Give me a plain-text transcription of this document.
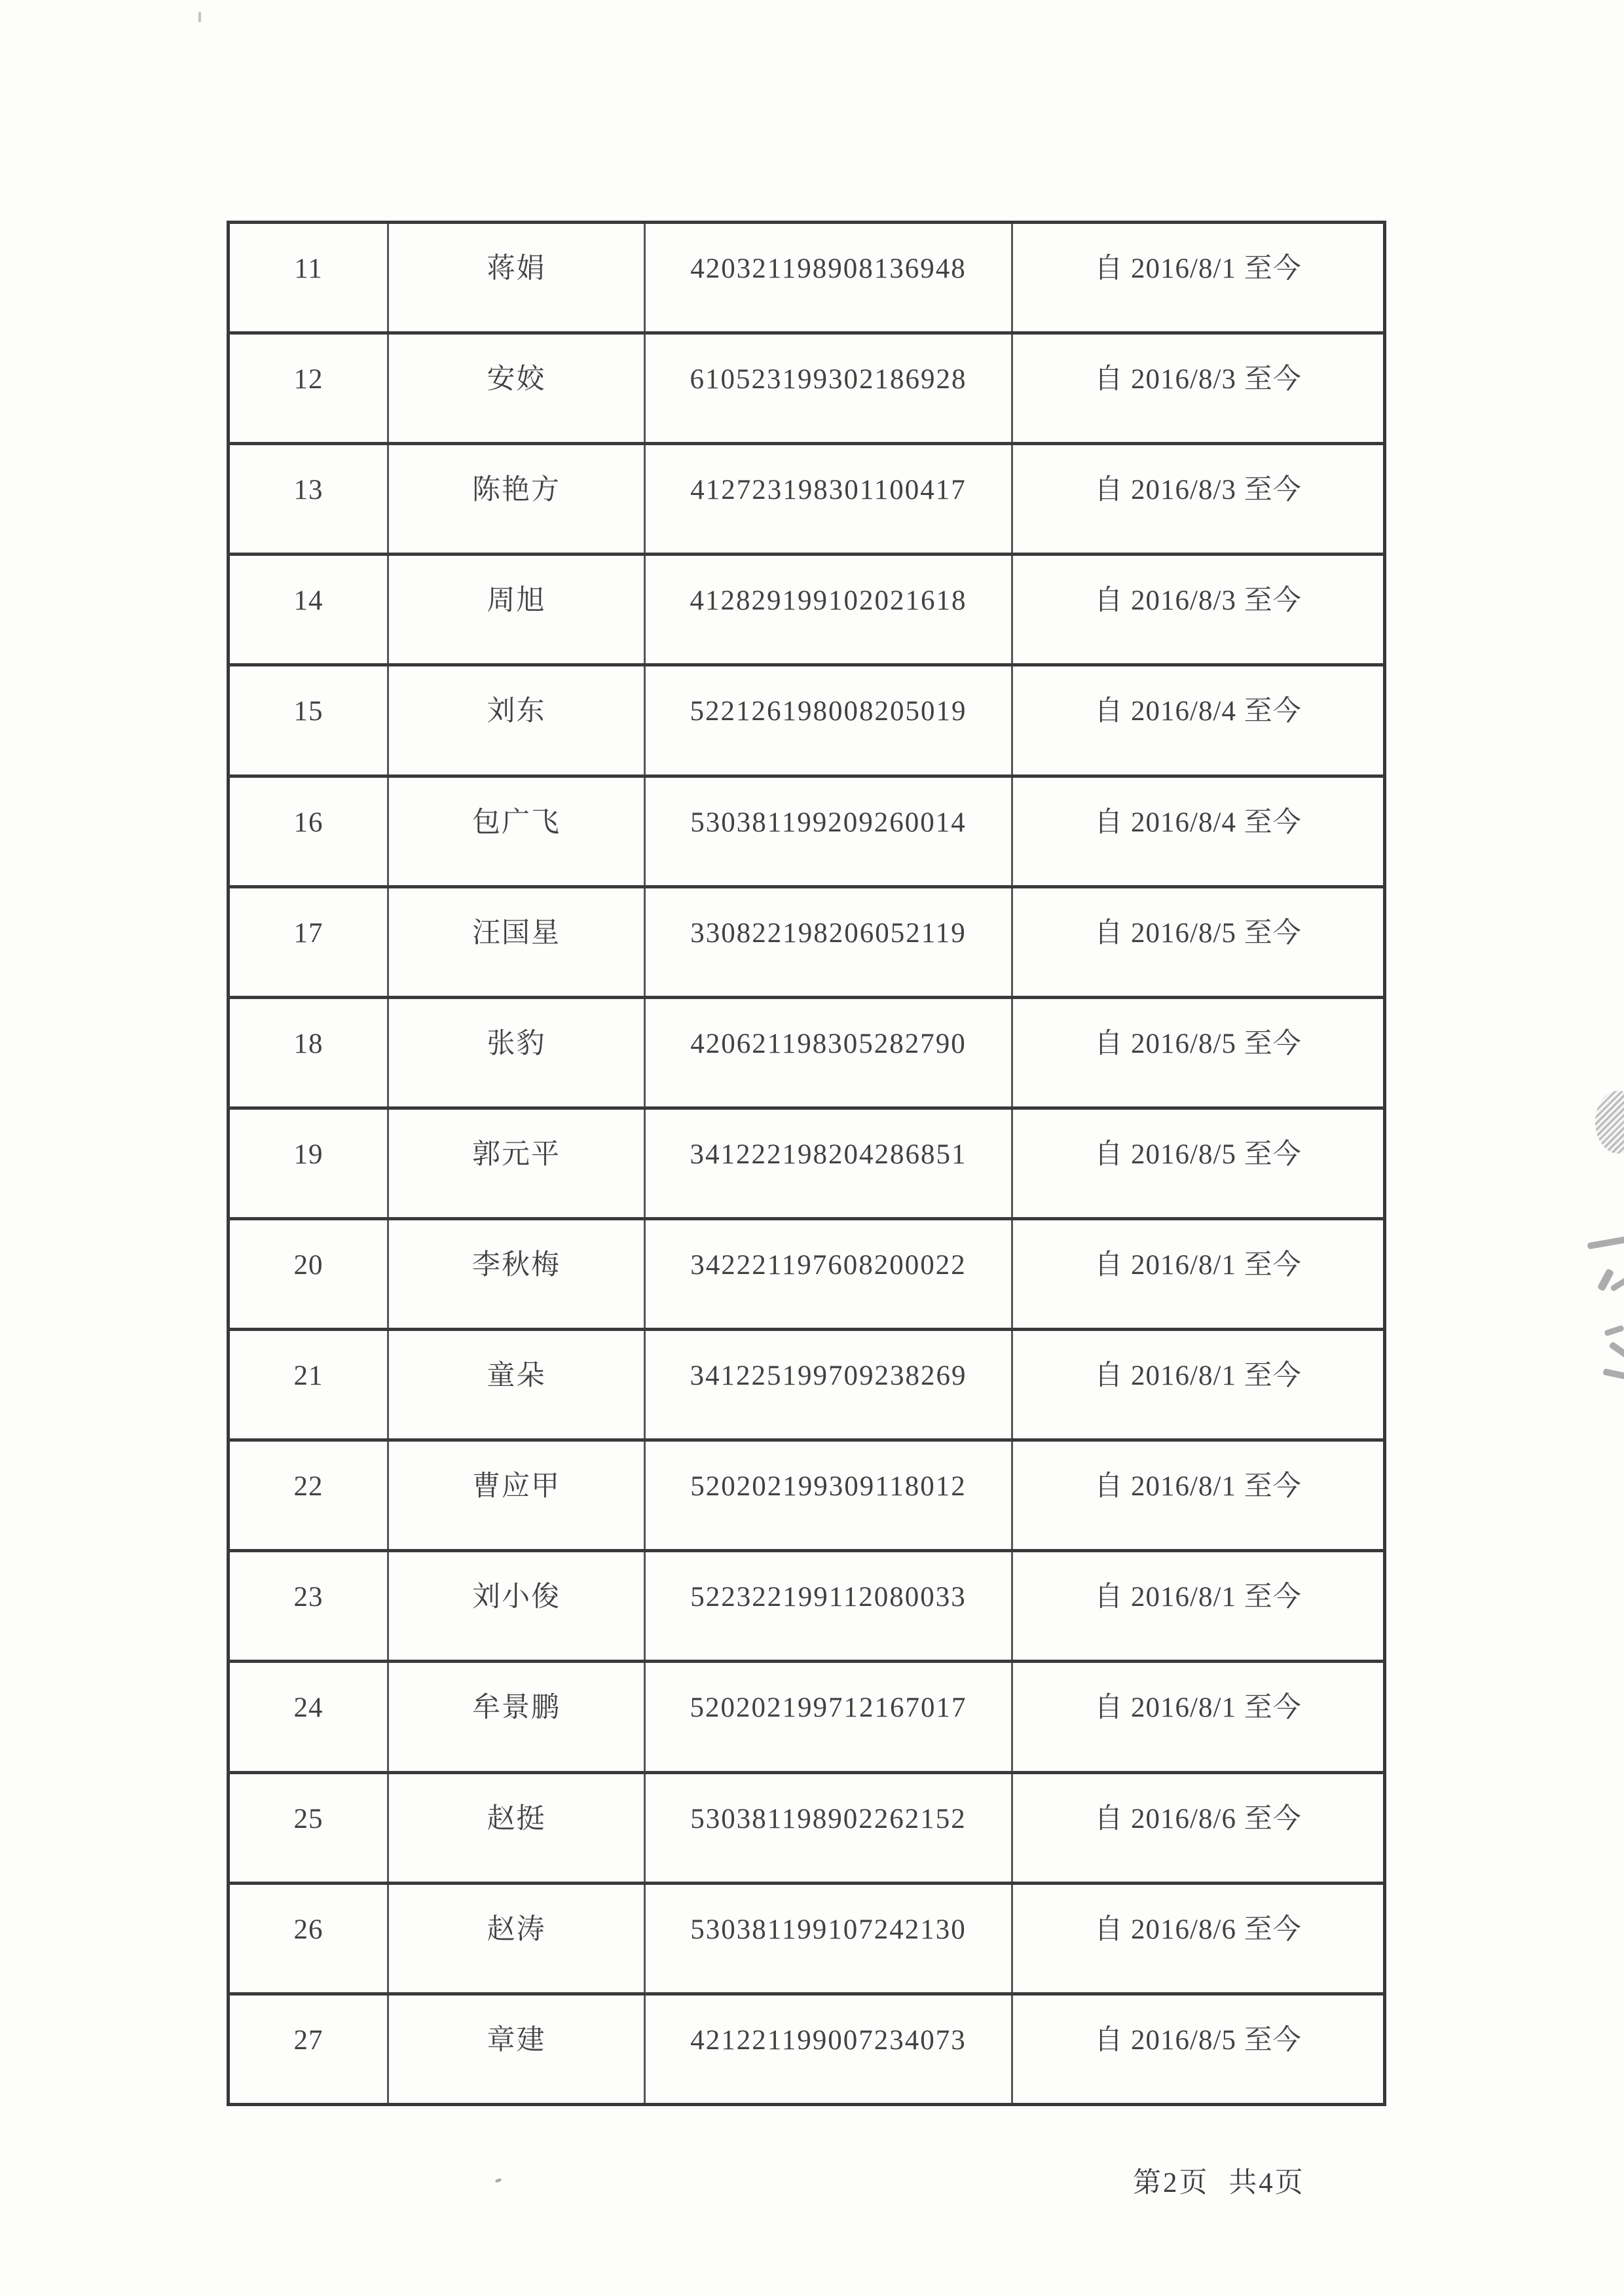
11	蒋娟	420321198908136948	自 2016/8/1 至今
12	安姣	610523199302186928	自 2016/8/3 至今
13	陈艳方	412723198301100417	自 2016/8/3 至今
14	周旭	412829199102021618	自 2016/8/3 至今
15	刘东	522126198008205019	自 2016/8/4 至今
16	包广飞	530381199209260014	自 2016/8/4 至今
17	汪国星	330822198206052119	自 2016/8/5 至今
18	张豹	420621198305282790	自 2016/8/5 至今
19	郭元平	341222198204286851	自 2016/8/5 至今
20	李秋梅	342221197608200022	自 2016/8/1 至今
21	童朵	341225199709238269	自 2016/8/1 至今
22	曹应甲	520202199309118012	自 2016/8/1 至今
23	刘小俊	522322199112080033	自 2016/8/1 至今
24	牟景鹏	520202199712167017	自 2016/8/1 至今
25	赵挺	530381198902262152	自 2016/8/6 至今
26	赵涛	530381199107242130	自 2016/8/6 至今
27	章建	421221199007234073	自 2016/8/5 至今
第2页 共4页
